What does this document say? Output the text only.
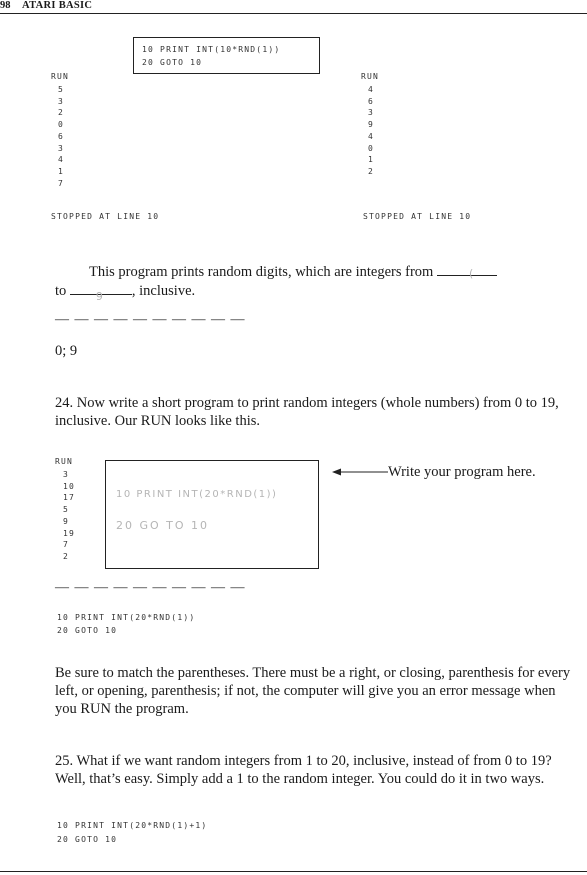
98 ATARI BASIC
10 PRINT INT(10*RND(1))
20 GOTO 10
RUN
5
3
2
0
6
3
4
1
7
STOPPED AT LINE 10
RUN
4
6
3
9
4
0
1
2
STOPPED AT LINE 10
This program prints random digits, which are integers from	(
to	9 , inclusive.
— — — — — — — — — —
0; 9
24. Now write a short program to print random integers (whole numbers) from 0 to 19, inclusive. Our RUN looks like this.
RUN
3
10
17
5
9
19
7
2
10 PRINT INT(20*RND(1))
20 GO TO 10
Write your program here.
— — — — — — — — — —
10 PRINT INT(20*RND(1))
20 GOTO 10
Be sure to match the parentheses. There must be a right, or closing, parenthesis for every left, or opening, parenthesis; if not, the computer will give you an error message when you RUN the program.
25. What if we want random integers from 1 to 20, inclusive, instead of from 0 to 19? Well, that’s easy. Simply add a 1 to the random integer. You could do it in two ways.
10 PRINT INT(20*RND(1)+1)
20 GOTO 10
